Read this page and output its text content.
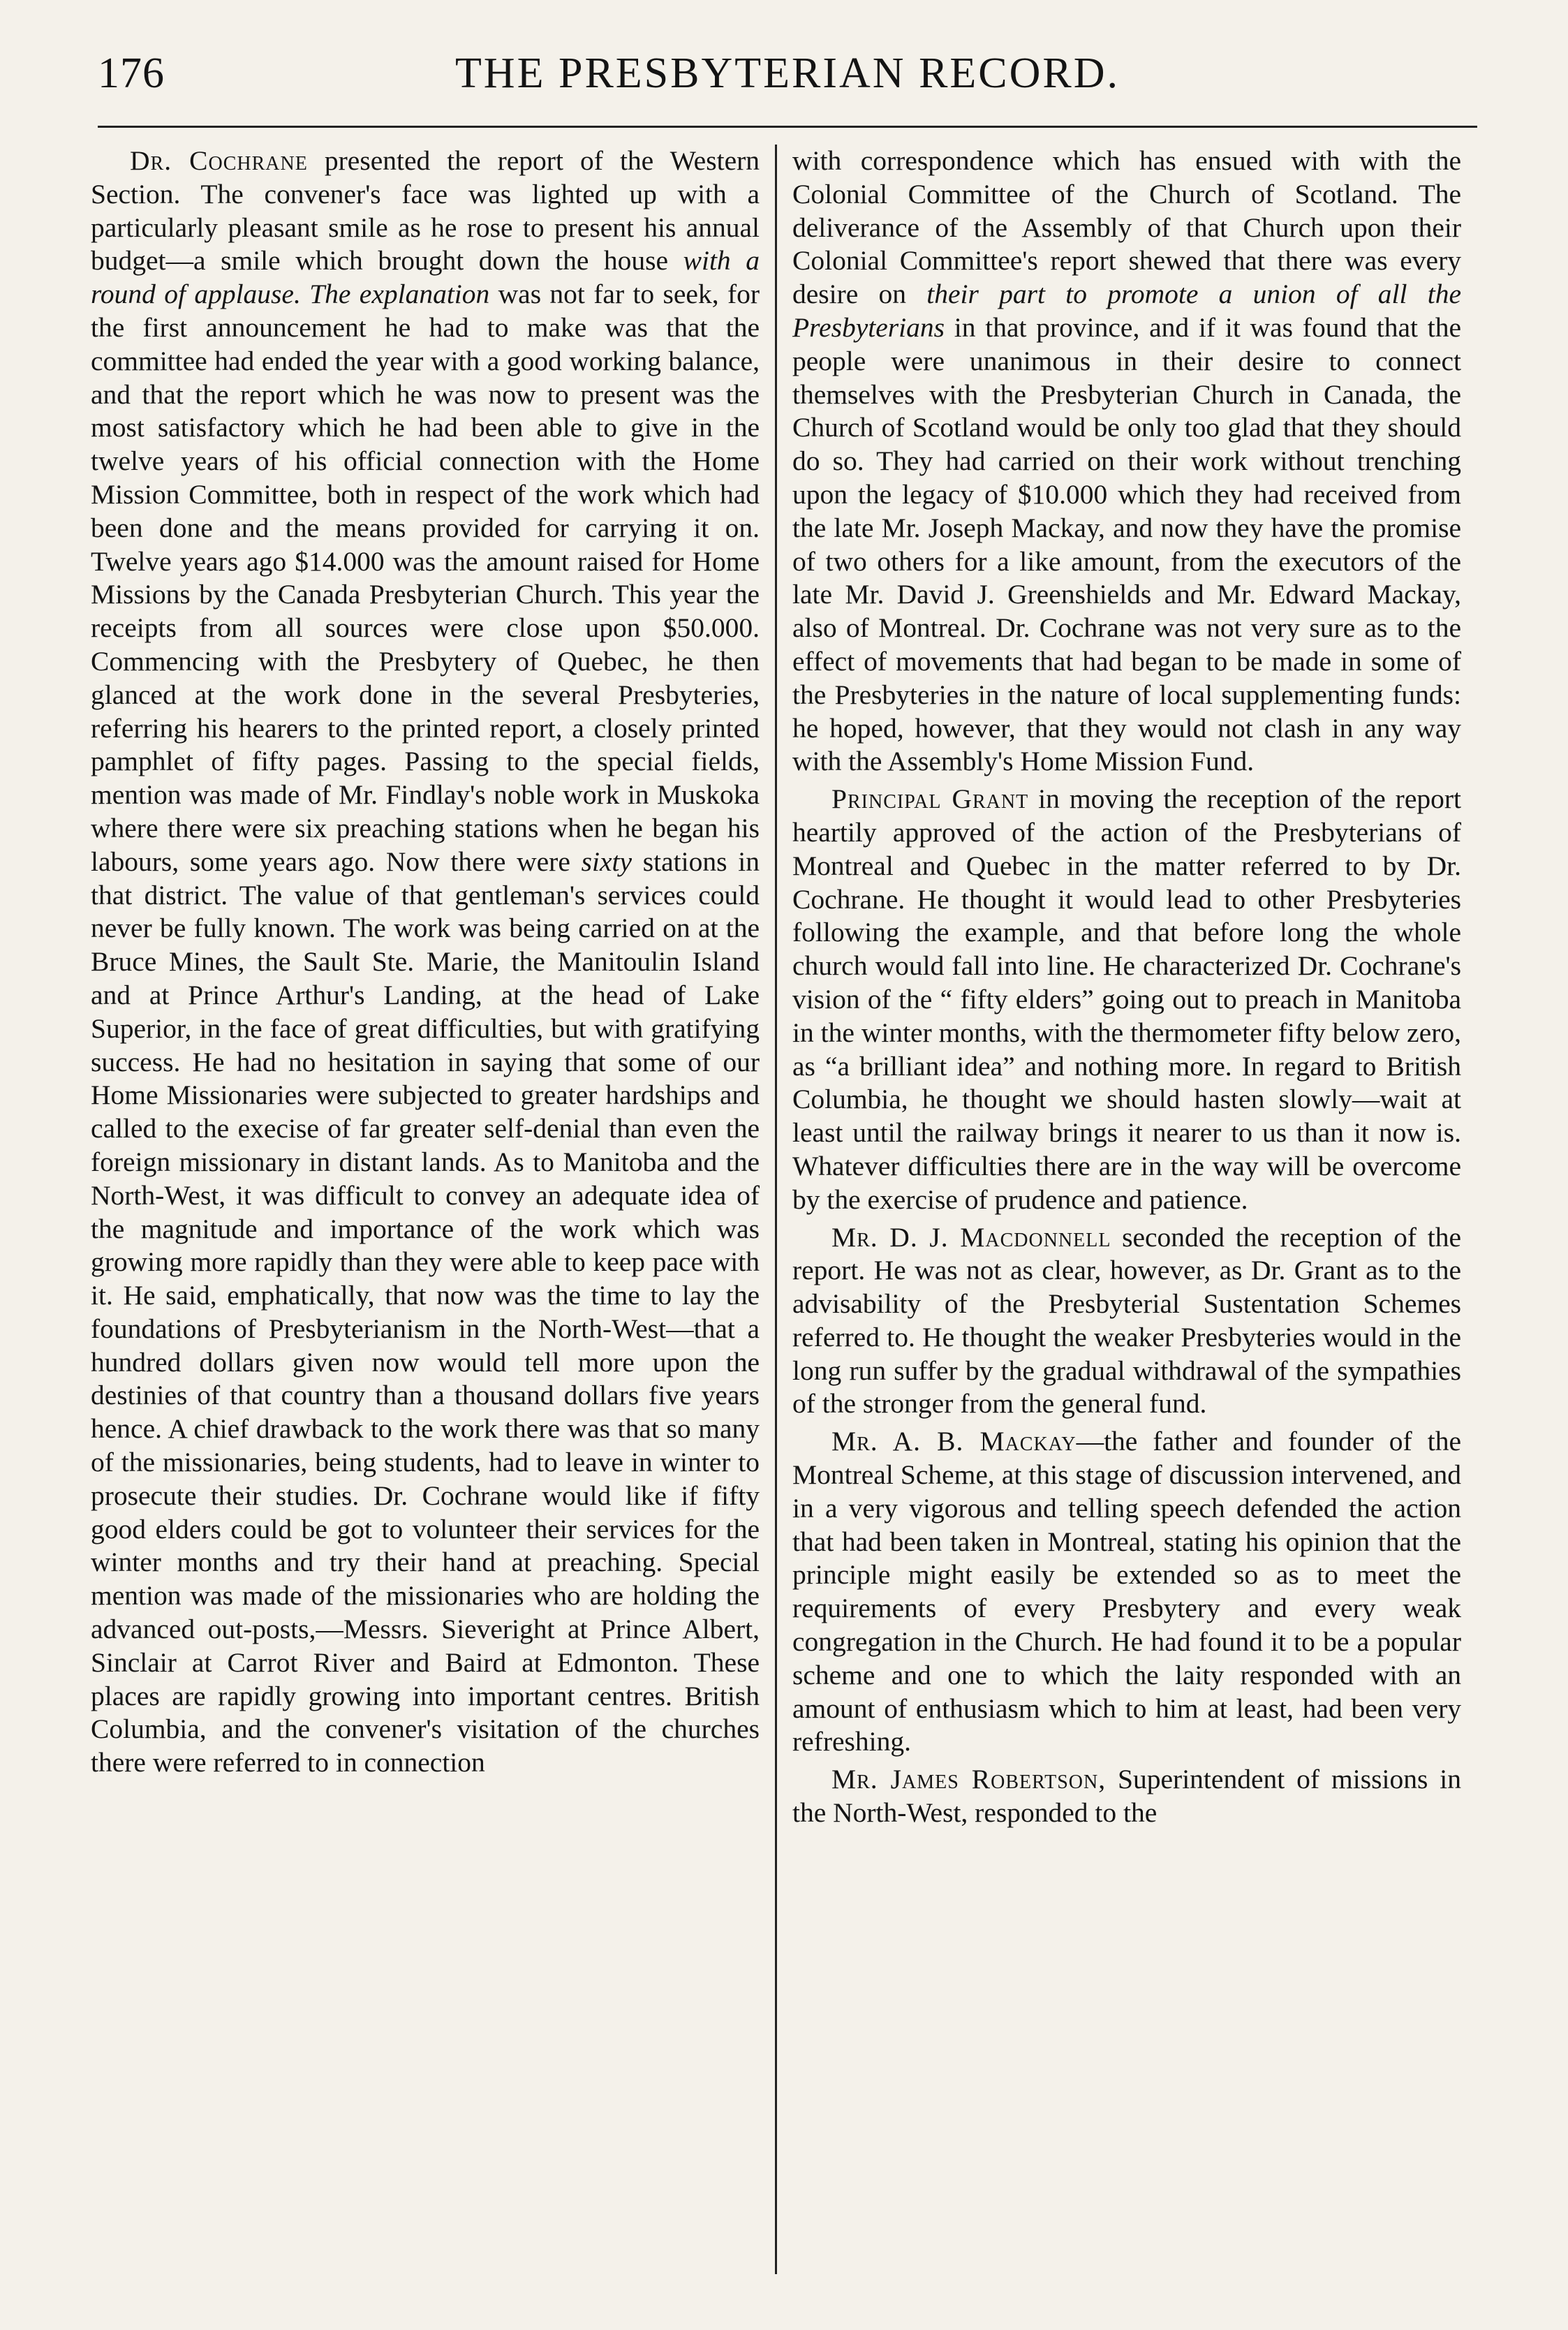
176	THE PRESBYTERIAN RECORD.

Dr. Cochrane presented the report of the Western Section. The convener's face was lighted up with a particularly pleasant smile as he rose to present his annual budget—a smile which brought down the house with a round of applause. The explanation was not far to seek, for the first announcement he had to make was that the committee had ended the year with a good working balance, and that the report which he was now to present was the most satisfactory which he had been able to give in the twelve years of his official connection with the Home Mission Committee, both in respect of the work which had been done and the means provided for carrying it on. Twelve years ago $14.000 was the amount raised for Home Missions by the Canada Presbyterian Church. This year the receipts from all sources were close upon $50.000. Commencing with the Presbytery of Quebec, he then glanced at the work done in the several Presbyteries, referring his hearers to the printed report, a closely printed pamphlet of fifty pages. Passing to the special fields, mention was made of Mr. Findlay's noble work in Muskoka where there were six preaching stations when he began his labours, some years ago. Now there were sixty stations in that district. The value of that gentleman's services could never be fully known. The work was being carried on at the Bruce Mines, the Sault Ste. Marie, the Manitoulin Island and at Prince Arthur's Landing, at the head of Lake Superior, in the face of great difficulties, but with gratifying success. He had no hesitation in saying that some of our Home Missionaries were subjected to greater hardships and called to the execise of far greater self-denial than even the foreign missionary in distant lands. As to Manitoba and the North-West, it was difficult to convey an adequate idea of the magnitude and importance of the work which was growing more rapidly than they were able to keep pace with it. He said, emphatically, that now was the time to lay the foundations of Presbyterianism in the North-West—that a hundred dollars given now would tell more upon the destinies of that country than a thousand dollars five years hence. A chief drawback to the work there was that so many of the missionaries, being students, had to leave in winter to prosecute their studies. Dr. Cochrane would like if fifty good elders could be got to volunteer their services for the winter months and try their hand at preaching. Special mention was made of the missionaries who are holding the advanced out-posts,—Messrs. Sieveright at Prince Albert, Sinclair at Carrot River and Baird at Edmonton. These places are rapidly growing into important centres. British Columbia, and the convener's visitation of the churches there were referred to in connection

with correspondence which has ensued with with the Colonial Committee of the Church of Scotland. The deliverance of the Assembly of that Church upon their Colonial Committee's report shewed that there was every desire on their part to promote a union of all the Presbyterians in that province, and if it was found that the people were unanimous in their desire to connect themselves with the Presbyterian Church in Canada, the Church of Scotland would be only too glad that they should do so. They had carried on their work without trenching upon the legacy of $10.000 which they had received from the late Mr. Joseph Mackay, and now they have the promise of two others for a like amount, from the executors of the late Mr. David J. Greenshields and Mr. Edward Mackay, also of Montreal. Dr. Cochrane was not very sure as to the effect of movements that had began to be made in some of the Presbyteries in the nature of local supplementing funds: he hoped, however, that they would not clash in any way with the Assembly's Home Mission Fund.

Principal Grant in moving the reception of the report heartily approved of the action of the Presbyterians of Montreal and Quebec in the matter referred to by Dr. Cochrane. He thought it would lead to other Presbyteries following the example, and that before long the whole church would fall into line. He characterized Dr. Cochrane's vision of the “ fifty elders” going out to preach in Manitoba in the winter months, with the thermometer fifty below zero, as “a brilliant idea” and nothing more. In regard to British Columbia, he thought we should hasten slowly—wait at least until the railway brings it nearer to us than it now is. Whatever difficulties there are in the way will be overcome by the exercise of prudence and patience.

Mr. D. J. Macdonnell seconded the reception of the report. He was not as clear, however, as Dr. Grant as to the advisability of the Presbyterial Sustentation Schemes referred to. He thought the weaker Presbyteries would in the long run suffer by the gradual withdrawal of the sympathies of the stronger from the general fund.

Mr. A. B. Mackay—the father and founder of the Montreal Scheme, at this stage of discussion intervened, and in a very vigorous and telling speech defended the action that had been taken in Montreal, stating his opinion that the principle might easily be extended so as to meet the requirements of every Presbytery and every weak congregation in the Church. He had found it to be a popular scheme and one to which the laity responded with an amount of enthusiasm which to him at least, had been very refreshing.

Mr. James Robertson, Superintendent of missions in the North-West, responded to the
